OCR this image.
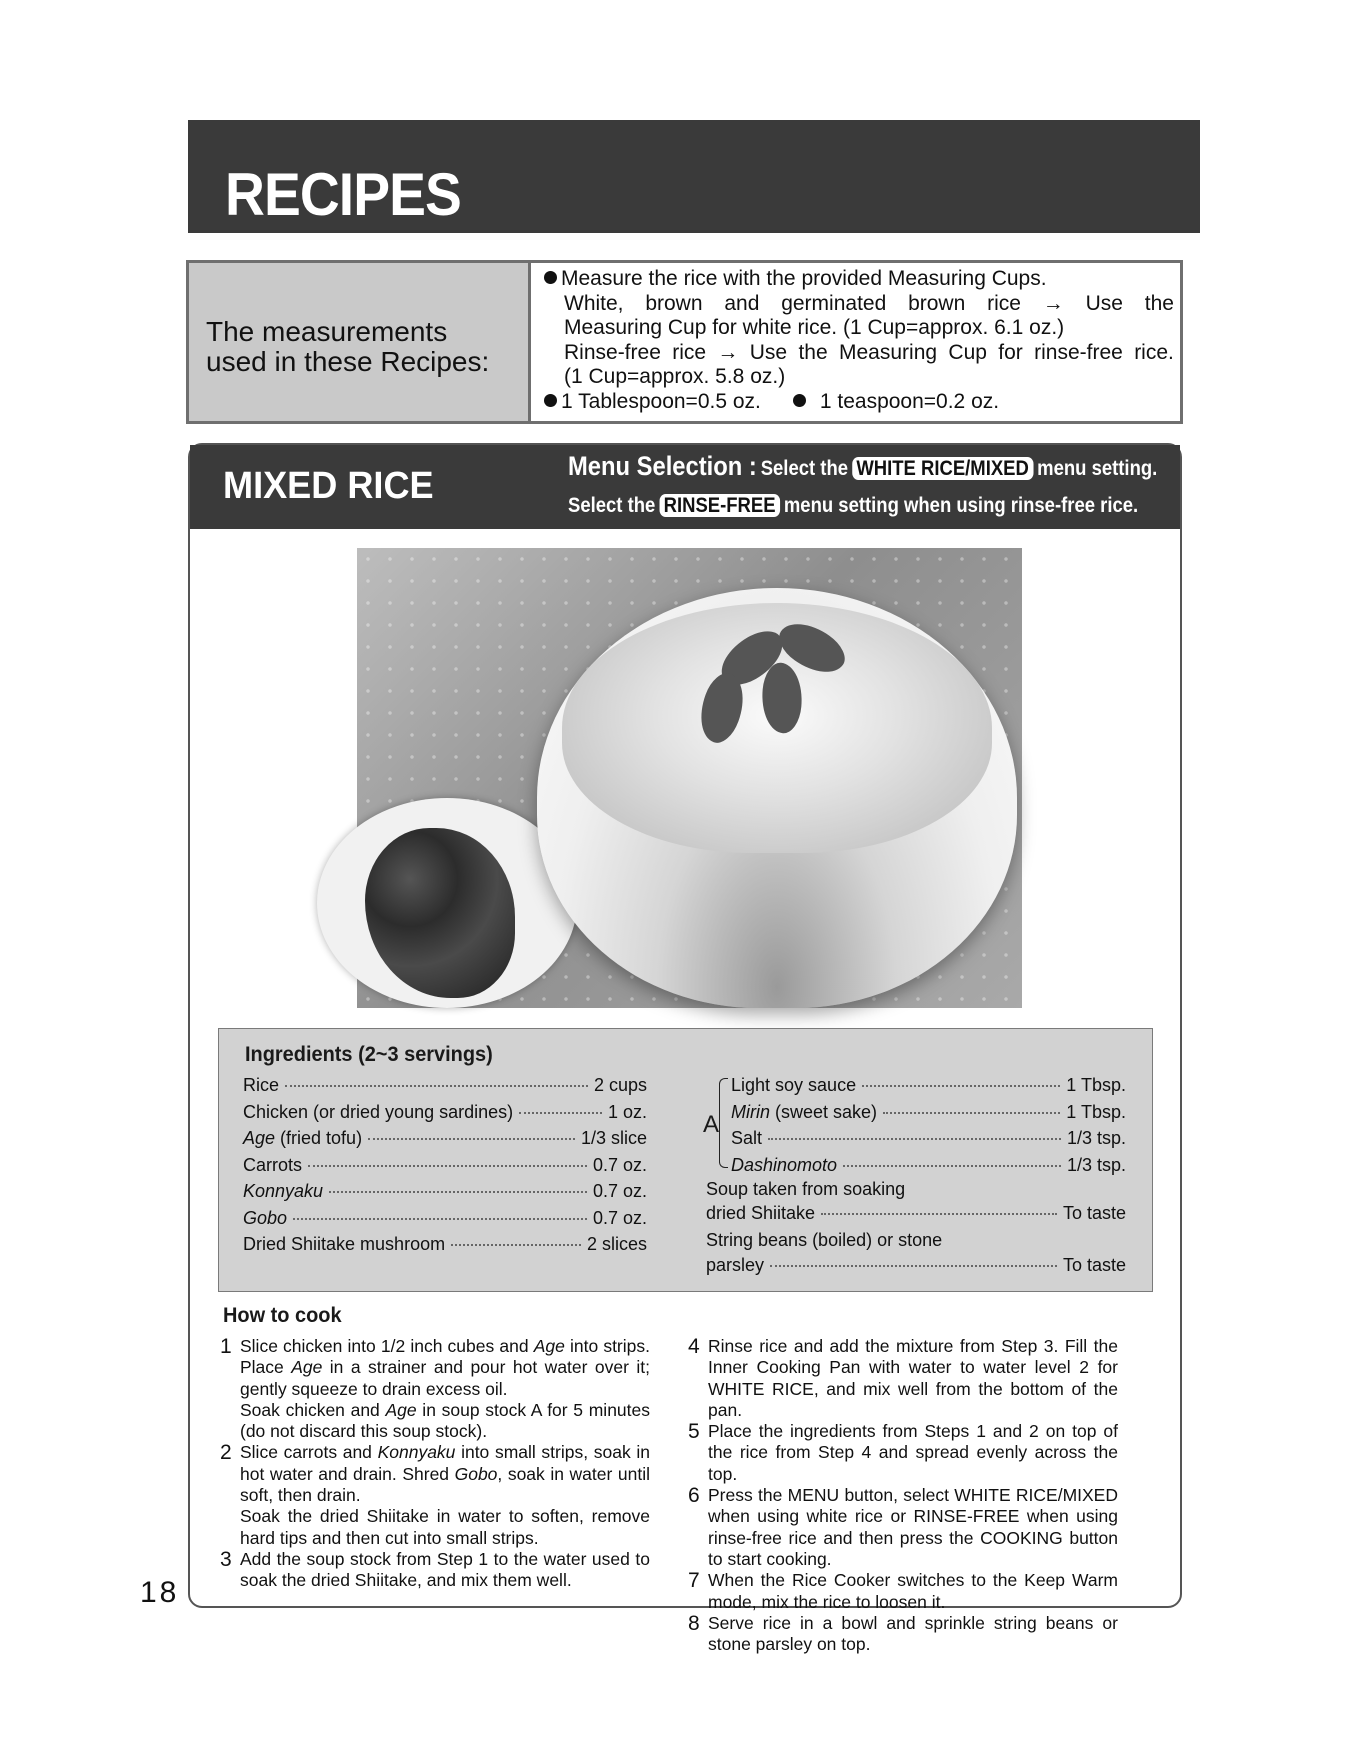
RECIPES
The measurements
used in these Recipes:
Measure the rice with the provided Measuring Cups.
White, brown and germinated brown rice → Use the
Measuring Cup for white rice. (1 Cup=approx. 6.1 oz.)
Rinse-free rice → Use the Measuring Cup for rinse-free rice.
(1 Cup=approx. 5.8 oz.)
1 Tablespoon=0.5 oz.	1 teaspoon=0.2 oz.
MIXED RICE	Menu Selection : Select the WHITE RICE/MIXED menu setting.
Select the RINSE-FREE menu setting when using rinse-free rice.
Ingredients (2~3 servings)
A
Soup taken from soaking
dried Shiitake	To taste
String beans (boiled) or stone
parsley	To taste
Rice	2 cups
Chicken (or dried young sardines)	1 oz.
Age (fried tofu)	1/3 slice
Carrots	0.7 oz.
Konnyaku	0.7 oz.
Gobo	0.7 oz.
Dried Shiitake mushroom	2 slices
Light soy sauce	1 Tbsp.
Mirin (sweet sake)	1 Tbsp.
Salt	1/3 tsp.
Dashinomoto	1/3 tsp.
How to cook
1 Slice chicken into 1/2 inch cubes and Age into strips. Place Age in a strainer and pour hot water over it; gently squeeze to drain excess oil.

Soak chicken and Age in soup stock A for 5 minutes (do not discard this soup stock).

2 Slice carrots and Konnyaku into small strips, soak in hot water and drain. Shred Gobo, soak in water until soft, then drain.

Soak the dried Shiitake in water to soften, remove hard tips and then cut into small strips.

3 Add the soup stock from Step 1 to the water used to soak the dried Shiitake, and mix them well.

4 Rinse rice and add the mixture from Step 3. Fill the Inner Cooking Pan with water to water level 2 for WHITE RICE, and mix well from the bottom of the pan.

5 Place the ingredients from Steps 1 and 2 on top of the rice from Step 4 and spread evenly across the top.

6 Press the MENU button, select WHITE RICE/MIXED when using white rice or RINSE-FREE when using rinse-free rice and then press the COOKING button to start cooking.

7 When the Rice Cooker switches to the Keep Warm mode, mix the rice to loosen it.

8 Serve rice in a bowl and sprinkle string beans or stone parsley on top.

18
